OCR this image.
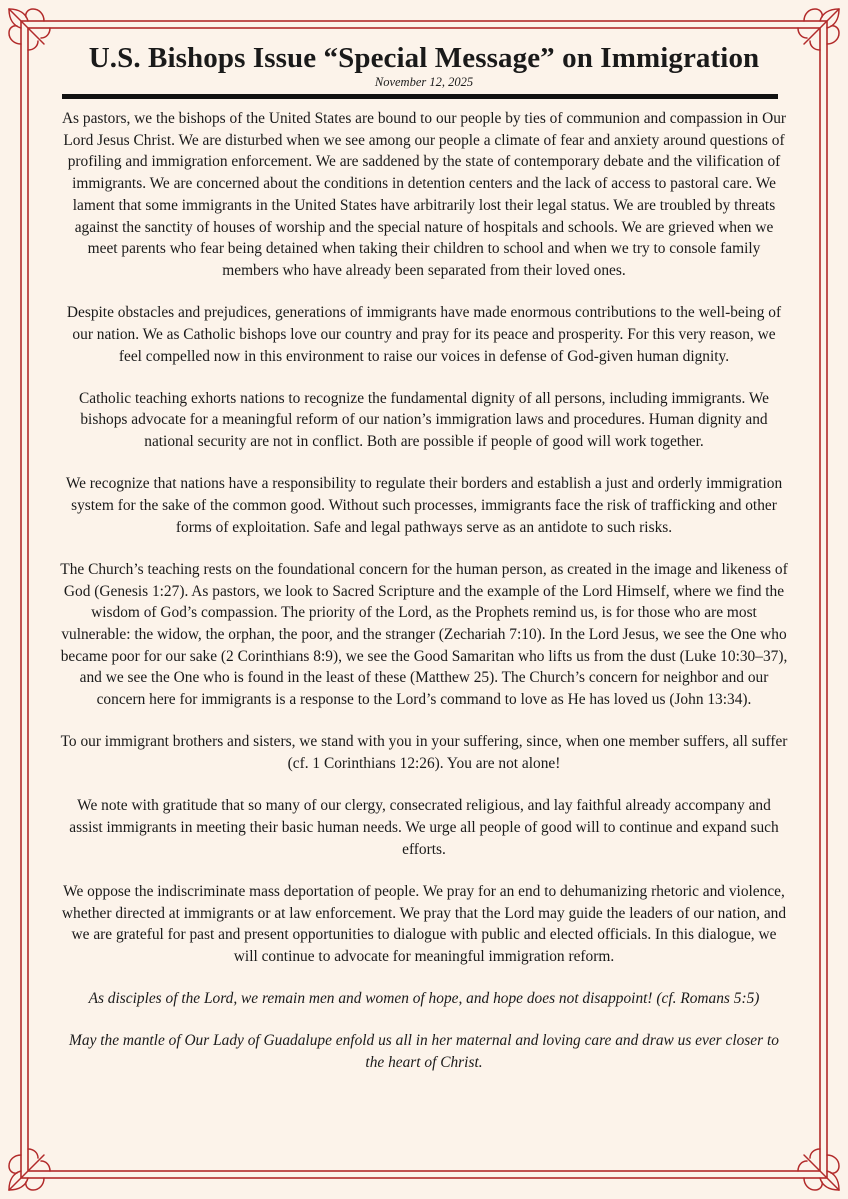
U.S. Bishops Issue “Special Message” on Immigration
November 12, 2025

As pastors, we the bishops of the United States are bound to our people by ties of communion and compassion in Our Lord Jesus Christ. We are disturbed when we see among our people a climate of fear and anxiety around questions of profiling and immigration enforcement. We are saddened by the state of contemporary debate and the vilification of immigrants. We are concerned about the conditions in detention centers and the lack of access to pastoral care. We lament that some immigrants in the United States have arbitrarily lost their legal status. We are troubled by threats against the sanctity of houses of worship and the special nature of hospitals and schools. We are grieved when we meet parents who fear being detained when taking their children to school and when we try to console family members who have already been separated from their loved ones.

Despite obstacles and prejudices, generations of immigrants have made enormous contributions to the well-being of our nation. We as Catholic bishops love our country and pray for its peace and prosperity. For this very reason, we feel compelled now in this environment to raise our voices in defense of God-given human dignity.

Catholic teaching exhorts nations to recognize the fundamental dignity of all persons, including immigrants. We bishops advocate for a meaningful reform of our nation’s immigration laws and procedures. Human dignity and national security are not in conflict. Both are possible if people of good will work together.

We recognize that nations have a responsibility to regulate their borders and establish a just and orderly immigration system for the sake of the common good. Without such processes, immigrants face the risk of trafficking and other forms of exploitation. Safe and legal pathways serve as an antidote to such risks.

The Church’s teaching rests on the foundational concern for the human person, as created in the image and likeness of God (Genesis 1:27). As pastors, we look to Sacred Scripture and the example of the Lord Himself, where we find the wisdom of God’s compassion. The priority of the Lord, as the Prophets remind us, is for those who are most vulnerable: the widow, the orphan, the poor, and the stranger (Zechariah 7:10). In the Lord Jesus, we see the One who became poor for our sake (2 Corinthians 8:9), we see the Good Samaritan who lifts us from the dust (Luke 10:30–37), and we see the One who is found in the least of these (Matthew 25). The Church’s concern for neighbor and our concern here for immigrants is a response to the Lord’s command to love as He has loved us (John 13:34).

To our immigrant brothers and sisters, we stand with you in your suffering, since, when one member suffers, all suffer (cf. 1 Corinthians 12:26). You are not alone!

We note with gratitude that so many of our clergy, consecrated religious, and lay faithful already accompany and assist immigrants in meeting their basic human needs. We urge all people of good will to continue and expand such efforts.

We oppose the indiscriminate mass deportation of people. We pray for an end to dehumanizing rhetoric and violence, whether directed at immigrants or at law enforcement. We pray that the Lord may guide the leaders of our nation, and we are grateful for past and present opportunities to dialogue with public and elected officials. In this dialogue, we will continue to advocate for meaningful immigration reform.

As disciples of the Lord, we remain men and women of hope, and hope does not disappoint! (cf. Romans 5:5)

May the mantle of Our Lady of Guadalupe enfold us all in her maternal and loving care and draw us ever closer to the heart of Christ.
